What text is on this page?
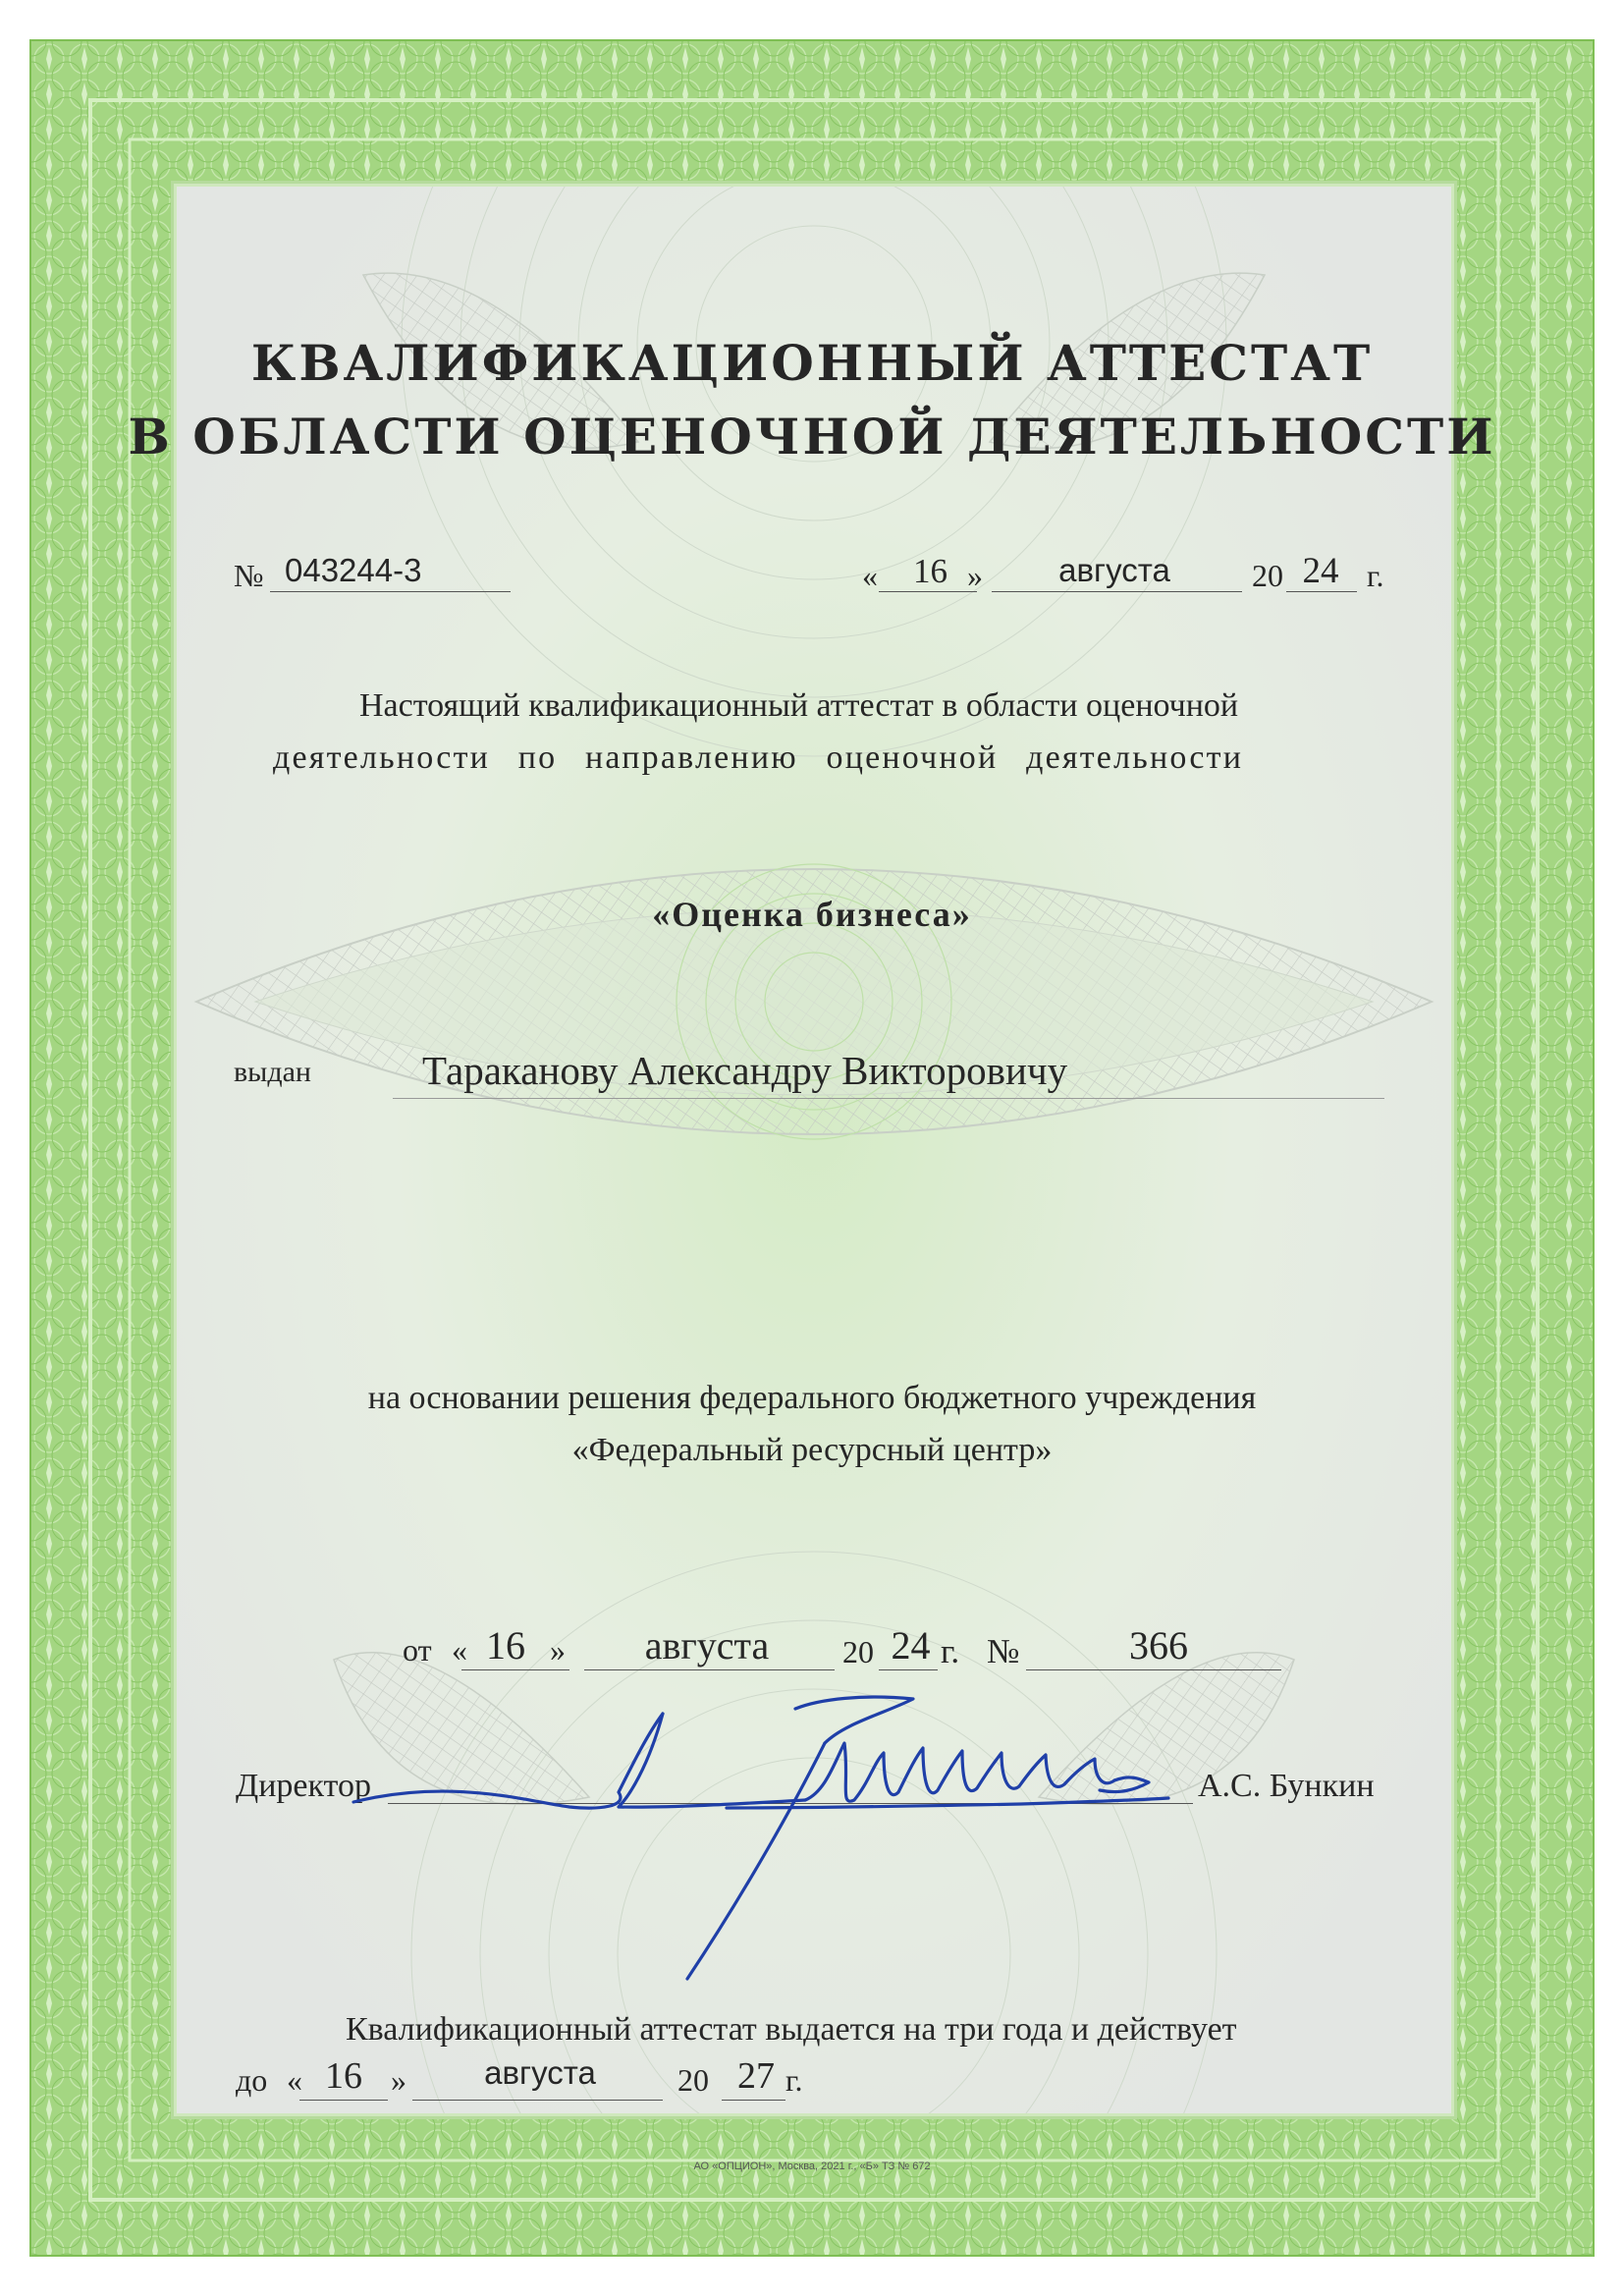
КВАЛИФИКАЦИОННЫЙ АТТЕСТАТ
В ОБЛАСТИ ОЦЕНОЧНОЙ ДЕЯТЕЛЬНОСТИ
№ 043244-3	«	16 »	августа	20 24 г.
Настоящий квалификационный аттестат в области оценочной
деятельности по направлению оценочной деятельности
«Оценка бизнеса»
выдан	Тараканову Александру Викторовичу
на основании решения федерального бюджетного учреждения
«Федеральный ресурсный центр»
от « 16 »	августа	20 24 г. №	366
Директор	А.С. Бункин
Квалификационный аттестат выдается на три года и действует
до « 16 »	августа	20 27 г.
АО «ОПЦИОН», Москва, 2021 г., «Б» ТЗ № 672
